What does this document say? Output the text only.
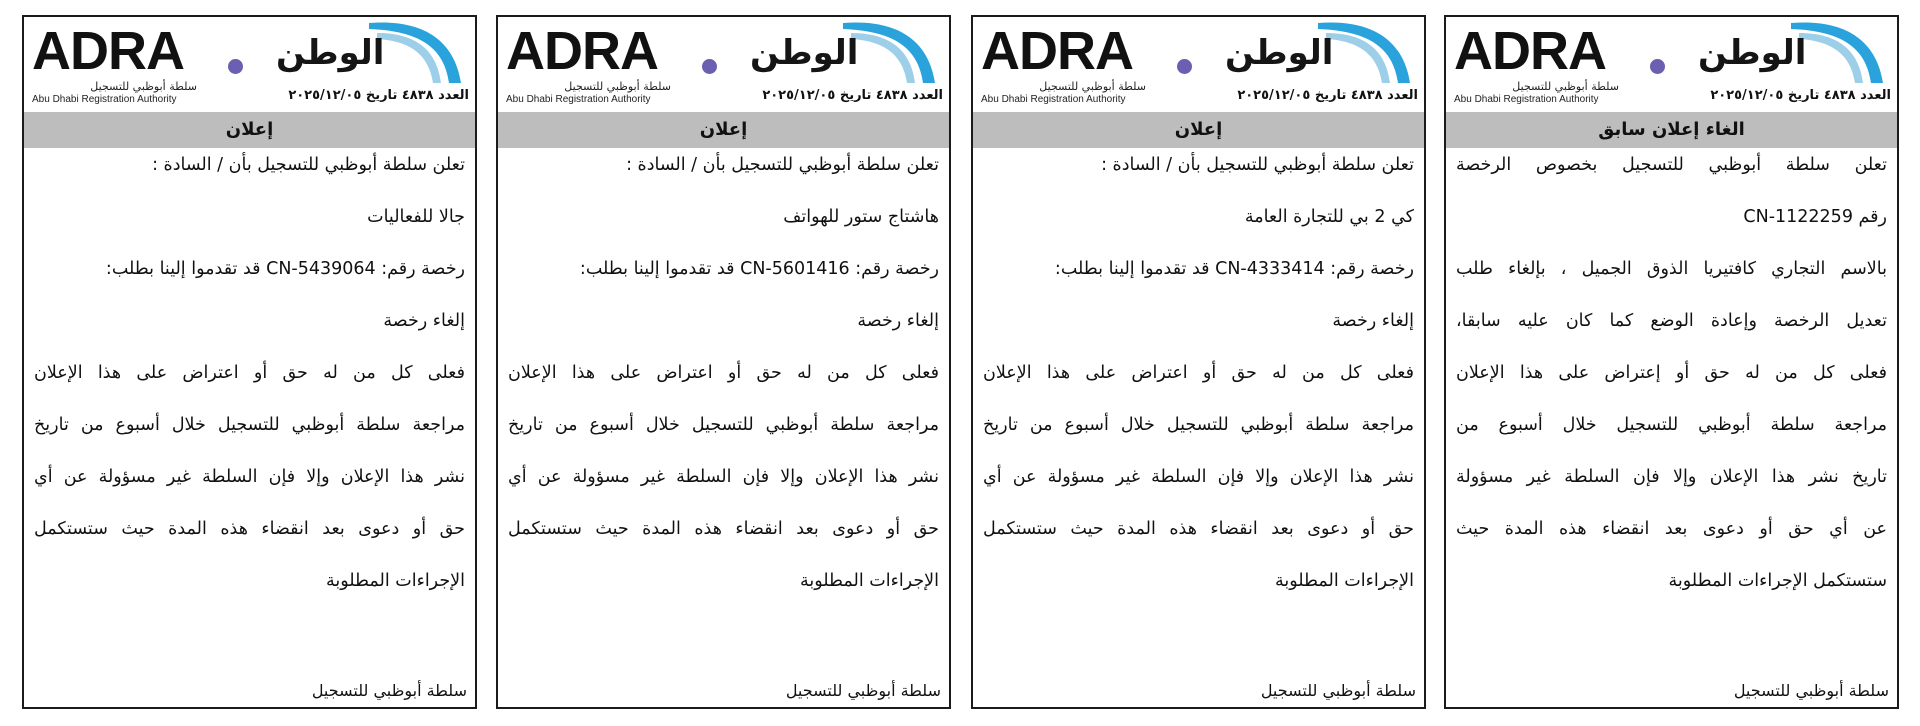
ADRA
سلطة أبوظبي للتسجيل
Abu Dhabi Registration Authority
الوطن
العدد ٤٨٣٨ تاريخ ٢٠٢٥/١٢/٠٥
الغاء إعلان سابق

تعلن سلطة أبوظبي للتسجيل بخصوص الرخصة

رقم CN-1122259

بالاسم التجاري كافتيريا الذوق الجميل ، بإلغاء طلب

تعديل الرخصة وإعادة الوضع كما كان عليه سابقا،

فعلى كل من له حق أو إعتراض على هذا الإعلان

مراجعة سلطة أبوظبي للتسجيل خلال أسبوع من

تاريخ نشر هذا الإعلان وإلا فإن السلطة غير مسؤولة

عن أي حق أو دعوى بعد انقضاء هذه المدة حيث

ستستكمل الإجراءات المطلوبة

سلطة أبوظبي للتسجيل
ADRA
سلطة أبوظبي للتسجيل
Abu Dhabi Registration Authority
الوطن
العدد ٤٨٣٨ تاريخ ٢٠٢٥/١٢/٠٥
إعلان

تعلن سلطة أبوظبي للتسجيل بأن / السادة :

كي 2 بي للتجارة العامة

رخصة رقم: CN-4333414 قد تقدموا إلينا بطلب:

إلغاء رخصة

فعلى كل من له حق أو اعتراض على هذا الإعلان

مراجعة سلطة أبوظبي للتسجيل خلال أسبوع من تاريخ

نشر هذا الإعلان وإلا فإن السلطة غير مسؤولة عن أي

حق أو دعوى بعد انقضاء هذه المدة حيث ستستكمل

الإجراءات المطلوبة

سلطة أبوظبي للتسجيل
ADRA
سلطة أبوظبي للتسجيل
Abu Dhabi Registration Authority
الوطن
العدد ٤٨٣٨ تاريخ ٢٠٢٥/١٢/٠٥
إعلان

تعلن سلطة أبوظبي للتسجيل بأن / السادة :

هاشتاج ستور للهواتف

رخصة رقم: CN-5601416 قد تقدموا إلينا بطلب:

إلغاء رخصة

فعلى كل من له حق أو اعتراض على هذا الإعلان

مراجعة سلطة أبوظبي للتسجيل خلال أسبوع من تاريخ

نشر هذا الإعلان وإلا فإن السلطة غير مسؤولة عن أي

حق أو دعوى بعد انقضاء هذه المدة حيث ستستكمل

الإجراءات المطلوبة

سلطة أبوظبي للتسجيل
ADRA
سلطة أبوظبي للتسجيل
Abu Dhabi Registration Authority
الوطن
العدد ٤٨٣٨ تاريخ ٢٠٢٥/١٢/٠٥
إعلان

تعلن سلطة أبوظبي للتسجيل بأن / السادة :

جالا للفعاليات

رخصة رقم: CN-5439064 قد تقدموا إلينا بطلب:

إلغاء رخصة

فعلى كل من له حق أو اعتراض على هذا الإعلان

مراجعة سلطة أبوظبي للتسجيل خلال أسبوع من تاريخ

نشر هذا الإعلان وإلا فإن السلطة غير مسؤولة عن أي

حق أو دعوى بعد انقضاء هذه المدة حيث ستستكمل

الإجراءات المطلوبة

سلطة أبوظبي للتسجيل
